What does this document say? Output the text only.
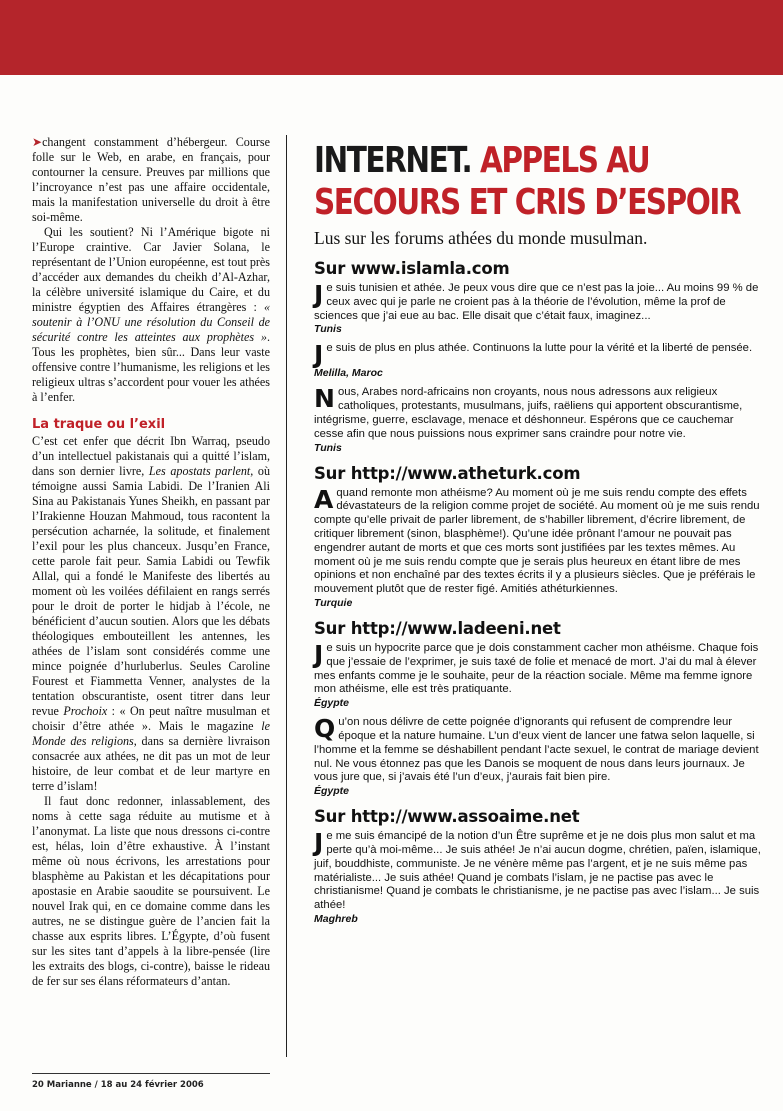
➤changent constamment d’hébergeur. Course folle sur le Web, en arabe, en français, pour contourner la censure. Preuves par millions que l’incroyance n’est pas une affaire occidentale, mais la manifestation universelle du droit à être soi-même.

Qui les soutient? Ni l’Amérique bigote ni l’Europe craintive. Car Javier Solana, le représentant de l’Union européenne, est tout près d’accéder aux demandes du cheikh d’Al-Azhar, la célèbre université islamique du Caire, et du ministre égyptien des Affaires étrangères : « soutenir à l’ONU une résolution du Conseil de sécurité contre les atteintes aux prophètes ». Tous les prophètes, bien sûr... Dans leur vaste offensive contre l’humanisme, les religions et les religieux ultras s’accordent pour vouer les athées à l’enfer.

La traque ou l’exil

C’est cet enfer que décrit Ibn Warraq, pseudo d’un intellectuel pakistanais qui a quitté l’islam, dans son dernier livre, Les apostats parlent, où témoigne aussi Samia Labidi. De l’Iranien Ali Sina au Pakistanais Yunes Sheikh, en passant par l’Irakienne Houzan Mahmoud, tous racontent la persécution acharnée, la solitude, et finalement l’exil pour les plus chanceux. Jusqu’en France, cette parole fait peur. Samia Labidi ou Tewfik Allal, qui a fondé le Manifeste des libertés au moment où les voilées défilaient en rangs serrés pour le droit de porter le hidjab à l’école, ne bénéficient d’aucun soutien. Alors que les débats théologiques embouteillent les antennes, les athées de l’islam sont considérés comme une mince poignée d’hurluberlus. Seules Caroline Fourest et Fiammetta Venner, analystes de la tentation obscurantiste, osent titrer dans leur revue Prochoix : « On peut naître musulman et choisir d’être athée ». Mais le magazine le Monde des religions, dans sa dernière livraison consacrée aux athées, ne dit pas un mot de leur histoire, de leur combat et de leur martyre en terre d’islam!

Il faut donc redonner, inlassablement, des noms à cette saga réduite au mutisme et à l’anonymat. La liste que nous dressons ci-contre est, hélas, loin d’être exhaustive. À l’instant même où nous écrivons, les arrestations pour blasphème au Pakistan et les décapitations pour apostasie en Arabie saoudite se poursuivent. Le nouvel Irak qui, en ce domaine comme dans les autres, ne se distingue guère de l’ancien fait la chasse aux esprits libres. L’Égypte, d’où fusent sur les sites tant d’appels à la libre-pensée (lire les extraits des blogs, ci-contre), baisse le rideau de fer sur ses élans réformateurs d’antan.

INTERNET. APPELS AU SECOURS ET CRIS D’ESPOIR
Lus sur les forums athées du monde musulman.
Sur www.islamla.com
Je suis tunisien et athée. Je peux vous dire que ce n’est pas la joie... Au moins 99 % de ceux avec qui je parle ne croient pas à la théorie de l’évolution, même la prof de sciences que j’ai eue au bac. Elle disait que c’était faux, imaginez...
Tunis
Je suis de plus en plus athée. Continuons la lutte pour la vérité et la liberté de pensée.
Melilla, Maroc
Nous, Arabes nord-africains non croyants, nous nous adressons aux religieux catholiques, protestants, musulmans, juifs, raëliens qui apportent obscurantisme, intégrisme, guerre, esclavage, menace et déshonneur. Espérons que ce cauchemar cesse afin que nous puissions nous exprimer sans craindre pour notre vie.
Tunis
Sur http://www.atheturk.com
Aquand remonte mon athéisme? Au moment où je me suis rendu compte des effets dévastateurs de la religion comme projet de société. Au moment où je me suis rendu compte qu’elle privait de parler librement, de s’habiller librement, d’écrire librement, de critiquer librement (sinon, blasphème!). Qu’une idée prônant l’amour ne pouvait pas engendrer autant de morts et que ces morts sont justifiées par les textes mêmes. Au moment où je me suis rendu compte que je serais plus heureux en étant libre de mes opinions et non enchaîné par des textes écrits il y a plusieurs siècles. Que je préférais le mouvement plutôt que de rester figé. Amitiés athéturkiennes.
Turquie
Sur http://www.ladeeni.net
Je suis un hypocrite parce que je dois constamment cacher mon athéisme. Chaque fois que j’essaie de l’exprimer, je suis taxé de folie et menacé de mort. J’ai du mal à élever mes enfants comme je le souhaite, peur de la réaction sociale. Même ma femme ignore mon athéisme, elle est très pratiquante.
Égypte
Qu’on nous délivre de cette poignée d’ignorants qui refusent de comprendre leur époque et la nature humaine. L’un d’eux vient de lancer une fatwa selon laquelle, si l’homme et la femme se déshabillent pendant l’acte sexuel, le contrat de mariage devient nul. Ne vous étonnez pas que les Danois se moquent de nous dans leurs journaux. Je vous jure que, si j’avais été l’un d’eux, j’aurais fait bien pire.
Égypte
Sur http://www.assoaime.net
Je me suis émancipé de la notion d’un Être suprême et je ne dois plus mon salut et ma perte qu’à moi-même... Je suis athée! Je n’ai aucun dogme, chrétien, païen, islamique, juif, bouddhiste, communiste. Je ne vénère même pas l’argent, et je ne suis même pas matérialiste... Je suis athée! Quand je combats l’islam, je ne pactise pas avec le christianisme! Quand je combats le christianisme, je ne pactise pas avec l’islam... Je suis athée!
Maghreb
20 Marianne / 18 au 24 février 2006
